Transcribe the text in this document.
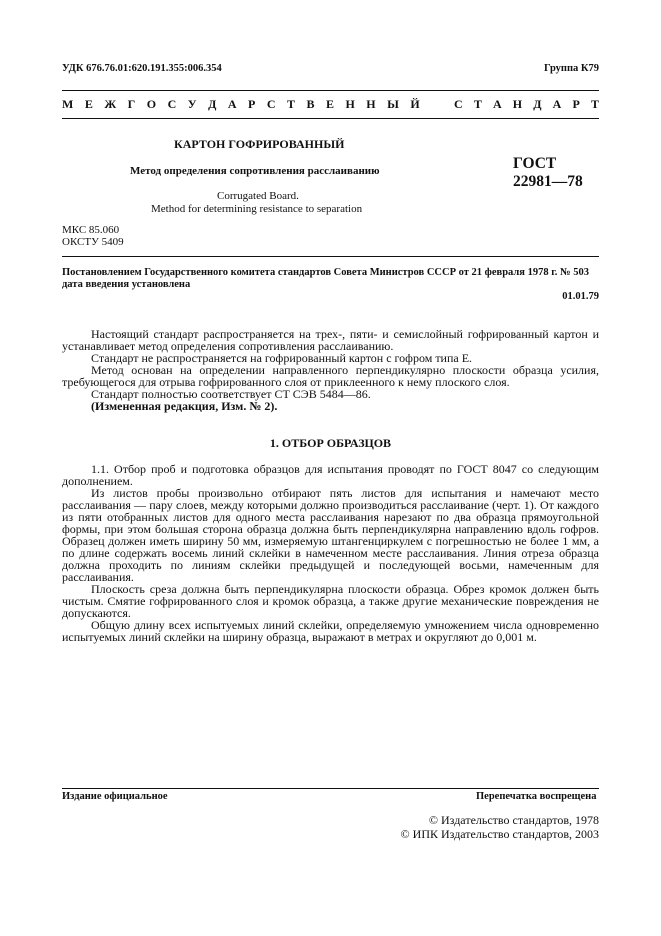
УДК 676.76.01:620.191.355:006.354	Группа К79
М Е Ж Г О С У Д А Р С Т В Е Н Н Ы Й	С Т А Н Д А Р Т
КАРТОН ГОФРИРОВАННЫЙ
Метод определения сопротивления расслаиванию
Corrugated Board.
Method for determining resistance to separation
ГОСТ
22981—78
МКС 85.060
ОКСТУ 5409
Постановлением Государственного комитета стандартов Совета Министров СССР от 21 февраля 1978 г. № 503
дата введения установлена
01.01.79

Настоящий стандарт распространяется на трех-, пяти- и семислойный гофрированный картон и устанавливает метод определения сопротивления расслаиванию.

Стандарт не распространяется на гофрированный картон с гофром типа Е.

Метод основан на определении направленного перпендикулярно плоскости образца усилия, требующегося для отрыва гофрированного слоя от приклеенного к нему плоского слоя.

Стандарт полностью соответствует СТ СЭВ 5484—86.

(Измененная редакция, Изм. № 2).

1. ОТБОР ОБРАЗЦОВ

1.1. Отбор проб и подготовка образцов для испытания проводят по ГОСТ 8047 со следующим дополнением.

Из листов пробы произвольно отбирают пять листов для испытания и намечают место расслаивания — пару слоев, между которыми должно производиться расслаивание (черт. 1). От каждого из пяти отобранных листов для одного места расслаивания нарезают по два образца прямоугольной формы, при этом большая сторона образца должна быть перпендикулярна направлению вдоль гофров. Образец должен иметь ширину 50 мм, измеряемую штангенциркулем с погрешностью не более 1 мм, а по длине содержать восемь линий склейки в намеченном месте расслаивания. Линия отреза образца должна проходить по линиям склейки предыдущей и последующей восьми, намеченным для расслаивания.

Плоскость среза должна быть перпендикулярна плоскости образца. Обрез кромок должен быть чистым. Смятие гофрированного слоя и кромок образца, а также другие механические повреждения не допускаются.

Общую длину всех испытуемых линий склейки, определяемую умножением числа одновременно испытуемых линий склейки на ширину образца, выражают в метрах и округляют до 0,001 м.

Издание официальное	Перепечатка воспрещена
© Издательство стандартов, 1978
© ИПК Издательство стандартов, 2003
